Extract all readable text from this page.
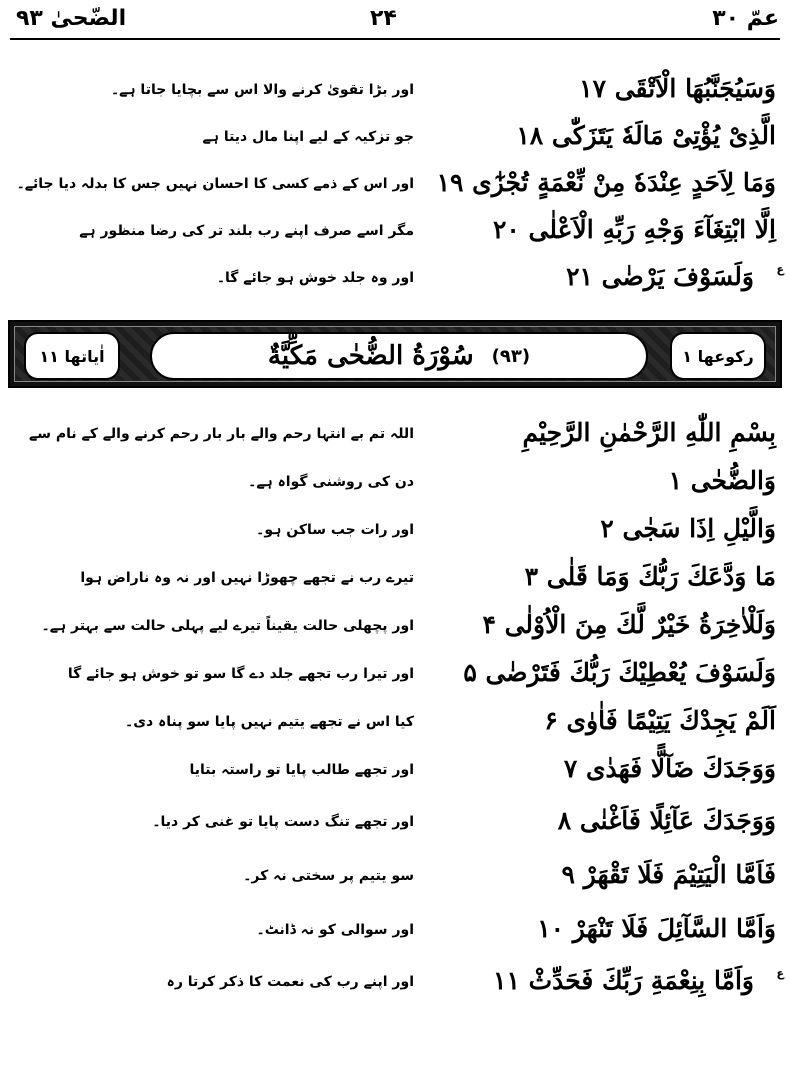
عمّ ۳۰
۲۴
الضّحیٰ ۹۳
وَسَيُجَنَّبُهَا الْاَتْقَى ۱۷
اور بڑا تقویٰ کرنے والا اس سے بچایا جاتا ہے۔
الَّذِیْ يُؤْتِیْ مَالَهٗ يَتَزَكّٰى ۱۸
جو تزکیہ کے لیے اپنا مال دیتا ہے
وَمَا لِاَحَدٍ عِنْدَهٗ مِنْ نِّعْمَةٍ تُجْزٰٓى ۱۹
اور اس کے ذمے کسی کا احسان نہیں جس کا بدلہ دیا جائے۔
اِلَّا ابْتِغَآءَ وَجْهِ رَبِّهِ الْاَعْلٰى ۲۰
مگر اسے صرف اپنے رب بلند تر کی رضا منظور ہے
وَلَسَوْفَ يَرْضٰى ۲۱ ع
اور وہ جلد خوش ہو جائے گا۔
اٰیاتھا ۱۱	سُوْرَةُ الضُّحٰى مَكِّيَّةٌ (۹۳)	رکوعھا ۱
بِسْمِ اللّٰهِ الرَّحْمٰنِ الرَّحِيْمِ
اللہ تم بے انتہا رحم والے بار بار رحم کرنے والے کے نام سے
وَالضُّحٰى ۱
دن کی روشنی گواہ ہے۔
وَالَّيْلِ اِذَا سَجٰى ۲
اور رات جب ساکن ہو۔
مَا وَدَّعَكَ رَبُّكَ وَمَا قَلٰى ۳
تیرے رب نے تجھے چھوڑا نہیں اور نہ وہ ناراض ہوا
وَلَلْاٰخِرَةُ خَيْرٌ لَّكَ مِنَ الْاُوْلٰى ۴
اور پچھلی حالت یقیناً تیرے لیے پہلی حالت سے بہتر ہے۔
وَلَسَوْفَ يُعْطِيْكَ رَبُّكَ فَتَرْضٰى ۵
اور تیرا رب تجھے جلد دے گا سو تو خوش ہو جائے گا
اَلَمْ يَجِدْكَ يَتِيْمًا فَاٰوٰى ۶
کیا اس نے تجھے یتیم نہیں پایا سو پناہ دی۔
وَوَجَدَكَ ضَآلًّا فَهَدٰى ۷
اور تجھے طالب پایا تو راستہ بتایا
وَوَجَدَكَ عَآئِلًا فَاَغْنٰى ۸
اور تجھے تنگ دست پایا تو غنی کر دیا۔
فَاَمَّا الْيَتِيْمَ فَلَا تَقْهَرْ ۹
سو یتیم پر سختی نہ کر۔
وَاَمَّا السَّآئِلَ فَلَا تَنْهَرْ ۱۰
اور سوالی کو نہ ڈانٹ۔
وَاَمَّا بِنِعْمَةِ رَبِّكَ فَحَدِّثْ ۱۱ ع
اور اپنے رب کی نعمت کا ذکر کرتا رہ
